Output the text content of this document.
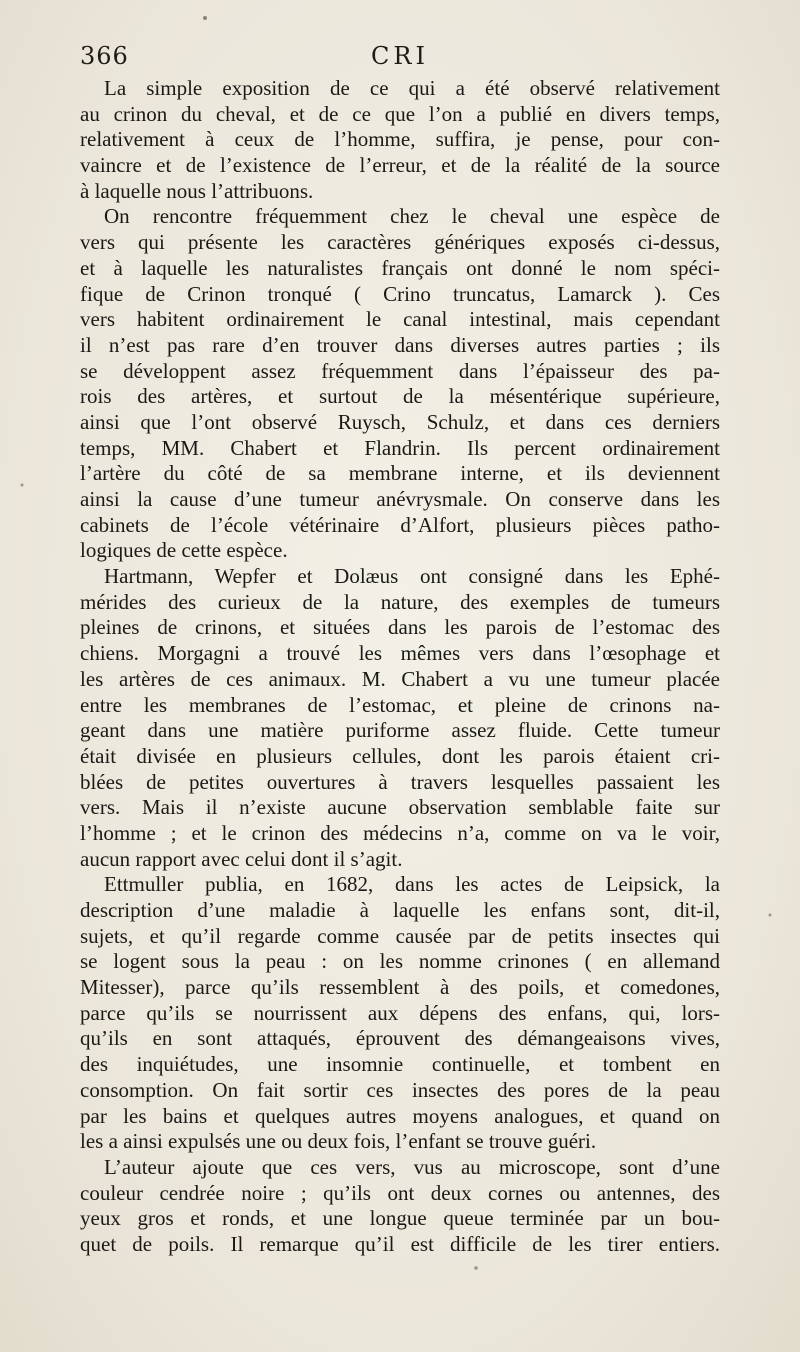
366	CRI
La simple exposition de ce qui a été observé relativement
au crinon du cheval, et de ce que l’on a publié en divers temps,
relativement à ceux de l’homme, suffira, je pense, pour con-
vaincre et de l’existence de l’erreur, et de la réalité de la source
à laquelle nous l’attribuons.
On rencontre fréquemment chez le cheval une espèce de
vers qui présente les caractères génériques exposés ci-dessus,
et à laquelle les naturalistes français ont donné le nom spéci-
fique de Crinon tronqué ( Crino truncatus, Lamarck ). Ces
vers habitent ordinairement le canal intestinal, mais cependant
il n’est pas rare d’en trouver dans diverses autres parties ; ils
se développent assez fréquemment dans l’épaisseur des pa-
rois des artères, et surtout de la mésentérique supérieure,
ainsi que l’ont observé Ruysch, Schulz, et dans ces derniers
temps, MM. Chabert et Flandrin. Ils percent ordinairement
l’artère du côté de sa membrane interne, et ils deviennent
ainsi la cause d’une tumeur anévrysmale. On conserve dans les
cabinets de l’école vétérinaire d’Alfort, plusieurs pièces patho-
logiques de cette espèce.
Hartmann, Wepfer et Dolæus ont consigné dans les Ephé-
mérides des curieux de la nature, des exemples de tumeurs
pleines de crinons, et situées dans les parois de l’estomac des
chiens. Morgagni a trouvé les mêmes vers dans l’œsophage et
les artères de ces animaux. M. Chabert a vu une tumeur placée
entre les membranes de l’estomac, et pleine de crinons na-
geant dans une matière puriforme assez fluide. Cette tumeur
était divisée en plusieurs cellules, dont les parois étaient cri-
blées de petites ouvertures à travers lesquelles passaient les
vers. Mais il n’existe aucune observation semblable faite sur
l’homme ; et le crinon des médecins n’a, comme on va le voir,
aucun rapport avec celui dont il s’agit.
Ettmuller publia, en 1682, dans les actes de Leipsick, la
description d’une maladie à laquelle les enfans sont, dit-il,
sujets, et qu’il regarde comme causée par de petits insectes qui
se logent sous la peau : on les nomme crinones ( en allemand
Mitesser), parce qu’ils ressemblent à des poils, et comedones,
parce qu’ils se nourrissent aux dépens des enfans, qui, lors-
qu’ils en sont attaqués, éprouvent des démangeaisons vives,
des inquiétudes, une insomnie continuelle, et tombent en
consomption. On fait sortir ces insectes des pores de la peau
par les bains et quelques autres moyens analogues, et quand on
les a ainsi expulsés une ou deux fois, l’enfant se trouve guéri.
L’auteur ajoute que ces vers, vus au microscope, sont d’une
couleur cendrée noire ; qu’ils ont deux cornes ou antennes, des
yeux gros et ronds, et une longue queue terminée par un bou-
quet de poils. Il remarque qu’il est difficile de les tirer entiers.
